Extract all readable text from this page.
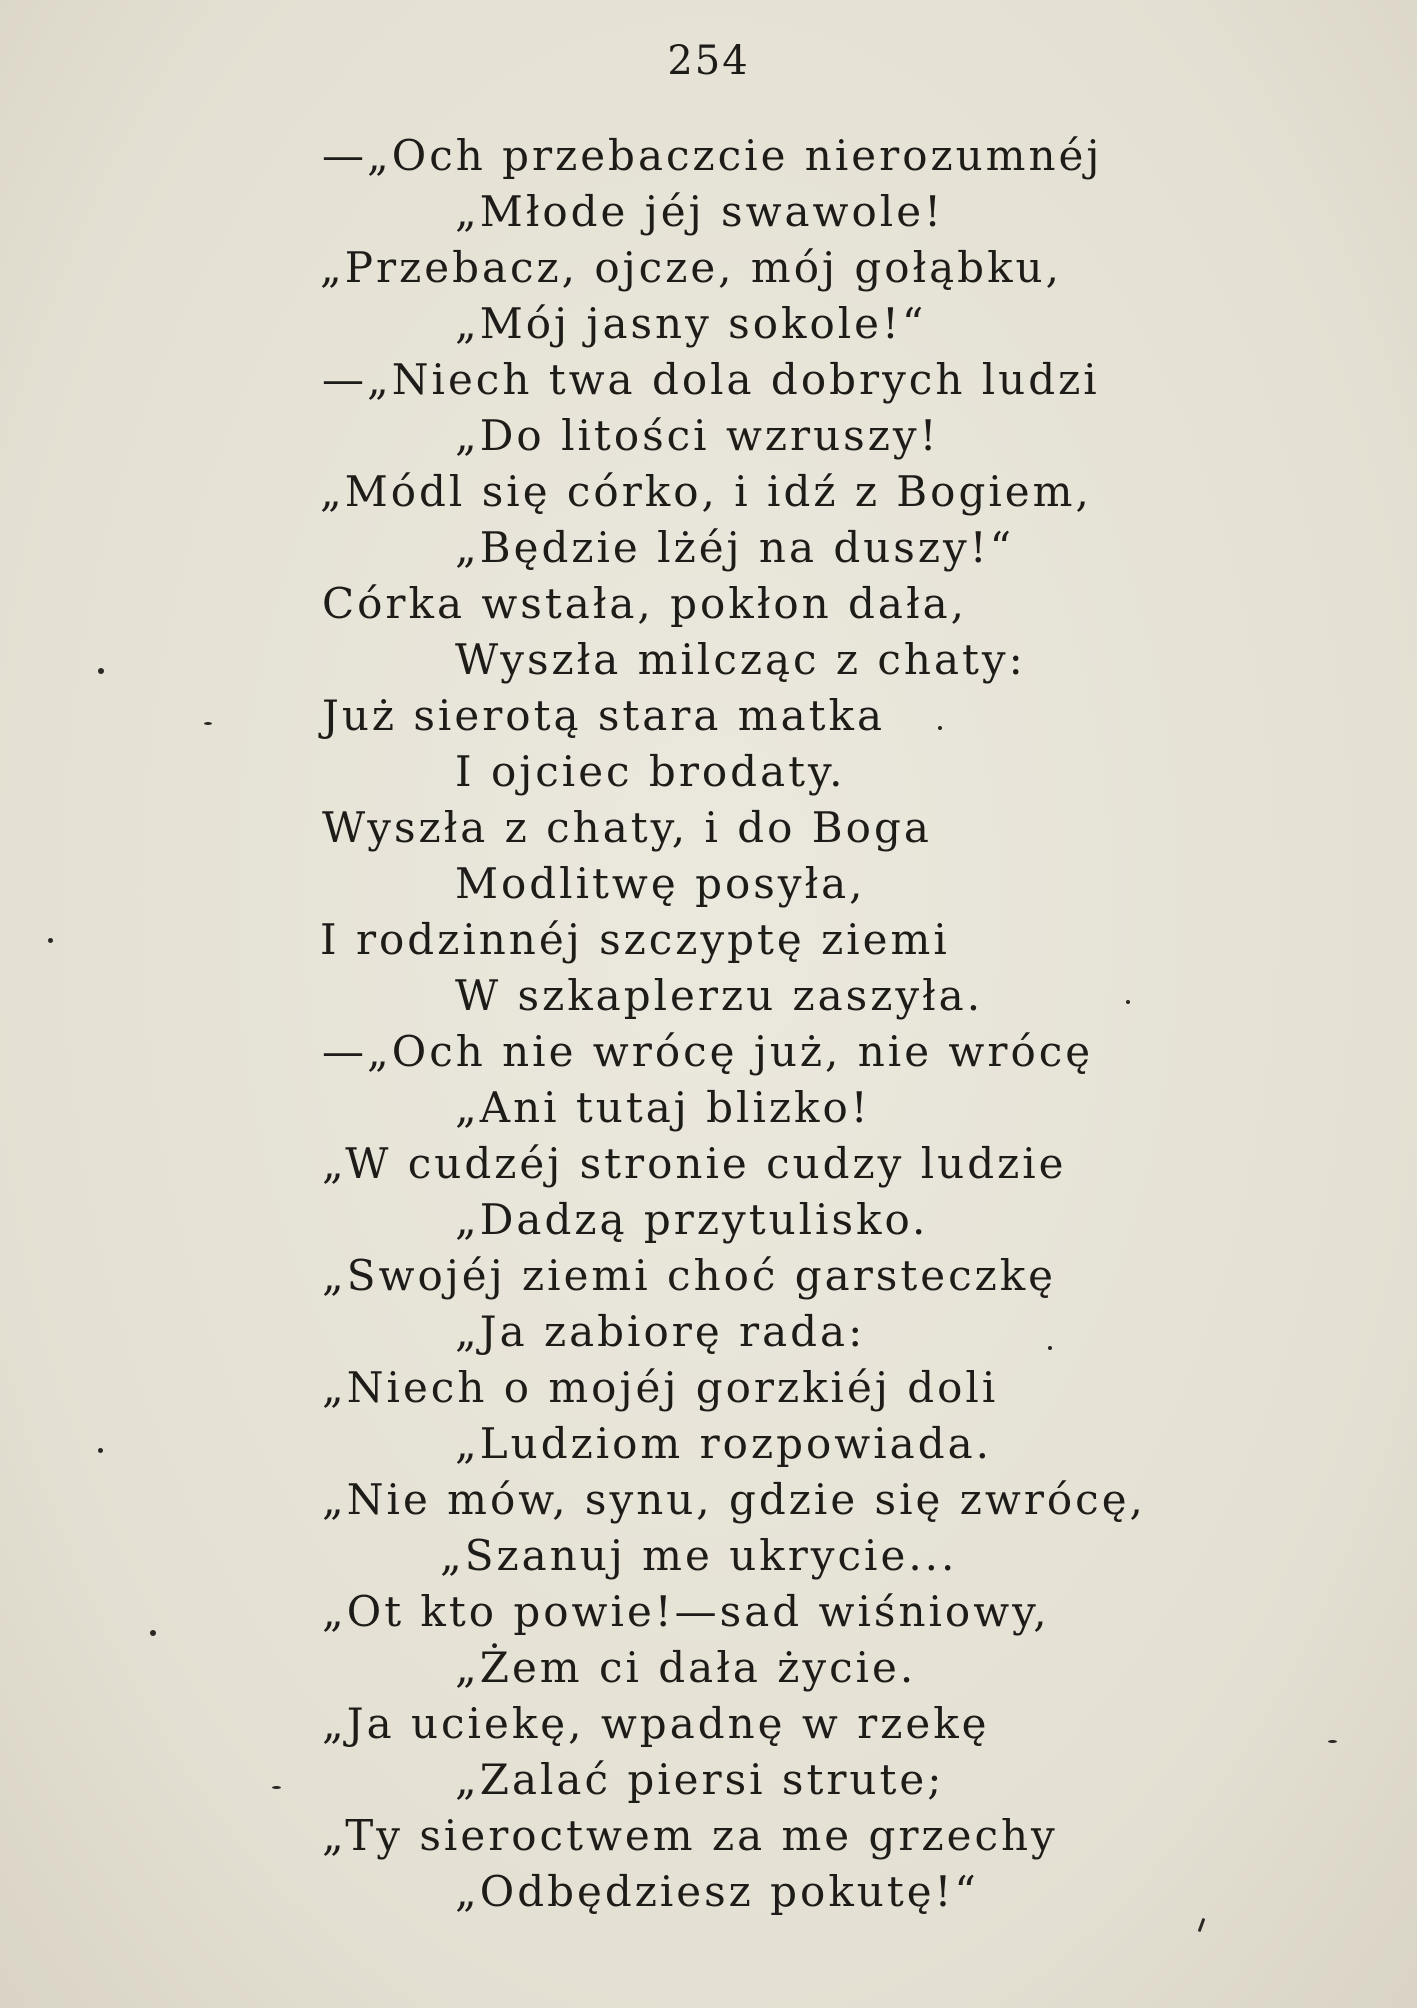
254
—„Och przebaczcie nierozumnéj
„Młode jéj swawole!
„Przebacz, ojcze, mój gołąbku,
„Mój jasny sokole!“
—„Niech twa dola dobrych ludzi
„Do litości wzruszy!
„Módl się córko, i idź z Bogiem,
„Będzie lżéj na duszy!“
Córka wstała, pokłon dała,
Wyszła milcząc z chaty:
Już sierotą stara matka
I ojciec brodaty.
Wyszła z chaty, i do Boga
Modlitwę posyła,
I rodzinnéj szczyptę ziemi
W szkaplerzu zaszyła.
—„Och nie wrócę już, nie wrócę
„Ani tutaj blizko!
„W cudzéj stronie cudzy ludzie
„Dadzą przytulisko.
„Swojéj ziemi choć garsteczkę
„Ja zabiorę rada:
„Niech o mojéj gorzkiéj doli
„Ludziom rozpowiada.
„Nie mów, synu, gdzie się zwrócę,
„Szanuj me ukrycie...
„Ot kto powie!—sad wiśniowy,
„Żem ci dała życie.
„Ja uciekę, wpadnę w rzekę
„Zalać piersi strute;
„Ty sieroctwem za me grzechy
„Odbędziesz pokutę!“
